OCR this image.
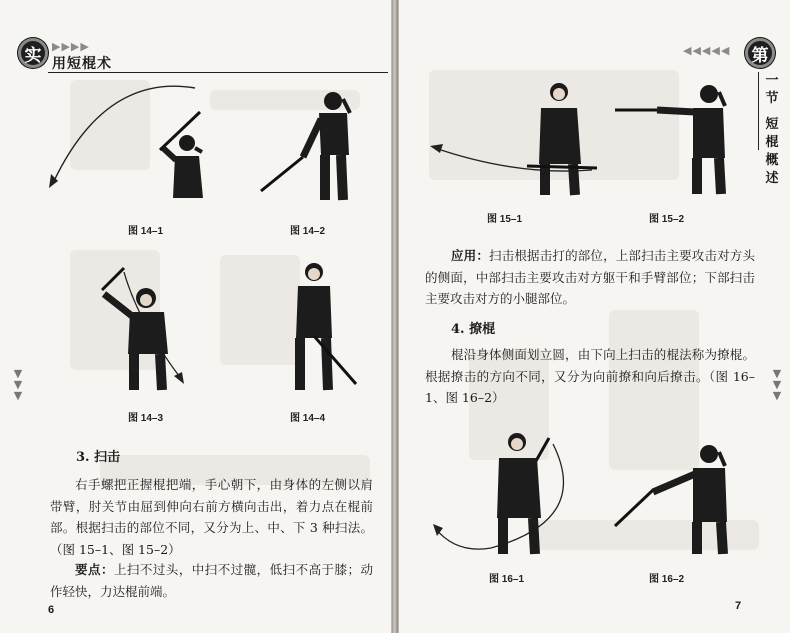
实 ▶▶▶▶
用短棍术
▼
▼
▼
图 14–1	图 14–2
图 14–3	图 14–4
3. 扫击
右手螺把正握棍把端，手心朝下，由身体的左侧以肩带臂，肘关节由屈到伸向右前方横向击出，着力点在棍前部。根据扫击的部位不同，又分为上、中、下 3 种扫法。（图 15–1、图 15–2）
要点：上扫不过头，中扫不过髋，低扫不高于膝；动作轻快，力达棍前端。
6
◀◀◀◀◀	第
一
节
短
棍
概
述
▼
▼
▼
图 15–1	图 15–2
应用：扫击根据击打的部位，上部扫击主要攻击对方头的侧面，中部扫击主要攻击对方躯干和手臂部位；下部扫击主要攻击对方的小腿部位。
4. 撩棍
棍沿身体侧面划立圆，由下向上扫击的棍法称为撩棍。根据撩击的方向不同，又分为向前撩和向后撩击。（图 16–1、图 16–2）
图 16–1	图 16–2
7
